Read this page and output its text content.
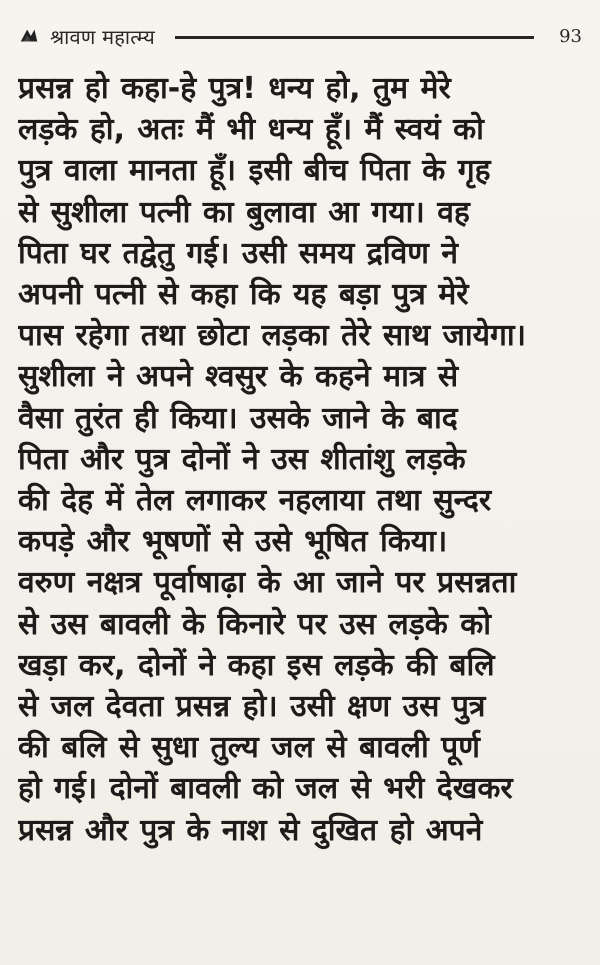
श्रावण महात्म्य	93
प्रसन्न हो कहा-हे पुत्र! धन्य हो, तुम मेरे
लड़के हो, अतः मैं भी धन्य हूँ। मैं स्वयं को
पुत्र वाला मानता हूँ। इसी बीच पिता के गृह
से सुशीला पत्नी का बुलावा आ गया। वह
पिता घर तद्वेतु गई। उसी समय द्रविण ने
अपनी पत्नी से कहा कि यह बड़ा पुत्र मेरे
पास रहेगा तथा छोटा लड़का तेरे साथ जायेगा।
सुशीला ने अपने श्वसुर के कहने मात्र से
वैसा तुरंत ही किया। उसके जाने के बाद
पिता और पुत्र दोनों ने उस शीतांशु लड़के
की देह में तेल लगाकर नहलाया तथा सुन्दर
कपड़े और भूषणों से उसे भूषित किया।
वरुण नक्षत्र पूर्वाषाढ़ा के आ जाने पर प्रसन्नता
से उस बावली के किनारे पर उस लड़के को
खड़ा कर, दोनों ने कहा इस लड़के की बलि
से जल देवता प्रसन्न हो। उसी क्षण उस पुत्र
की बलि से सुधा तुल्य जल से बावली पूर्ण
हो गई। दोनों बावली को जल से भरी देखकर
प्रसन्न और पुत्र के नाश से दुखित हो अपने
